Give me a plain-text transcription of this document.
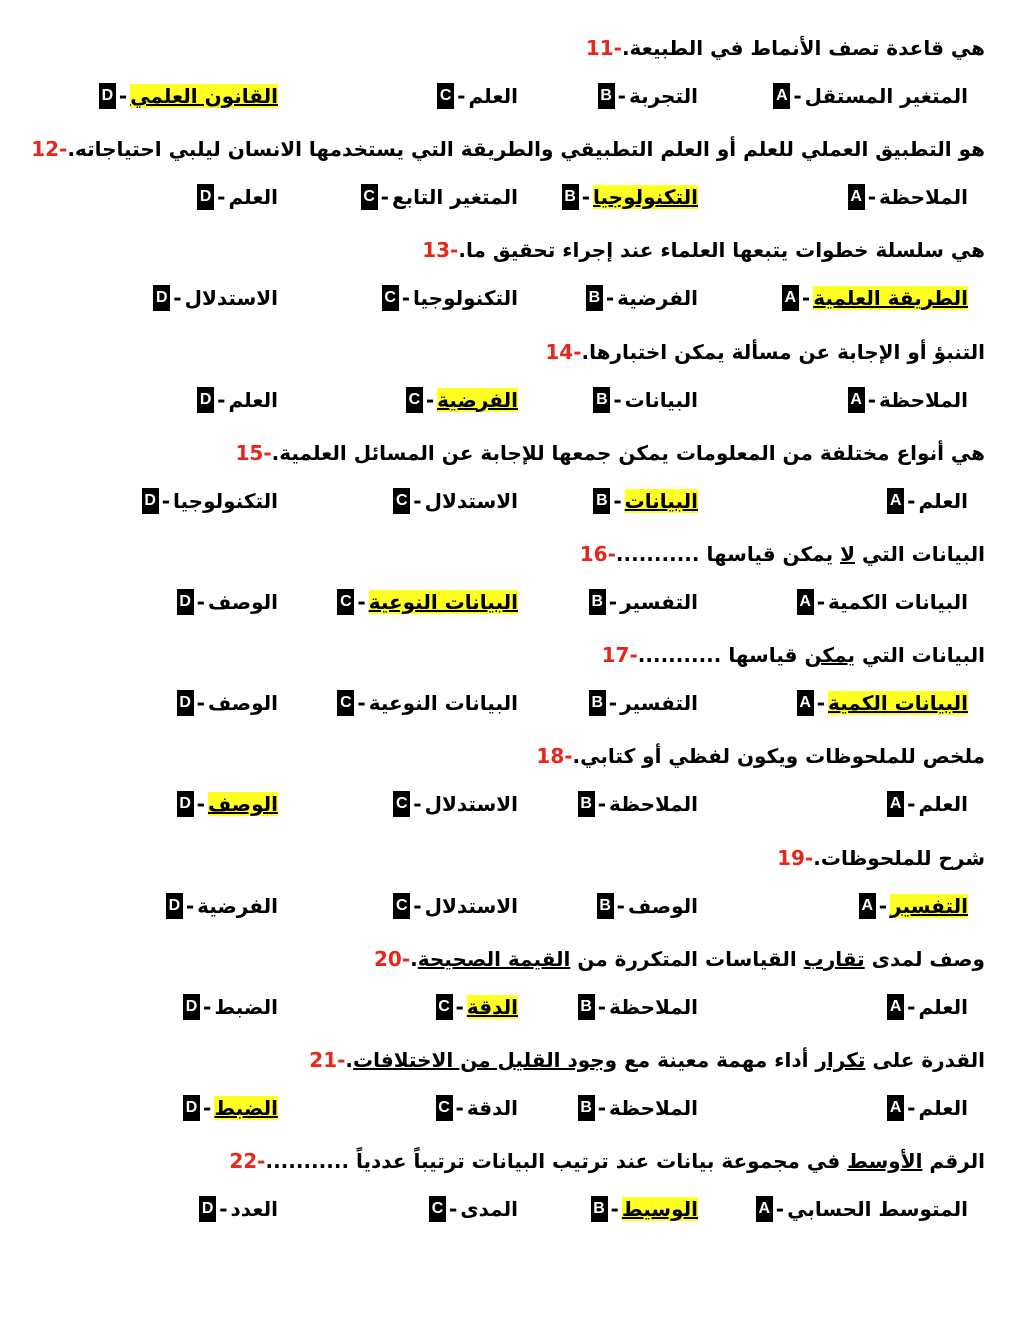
11- هي قاعدة تصف الأنماط في الطبيعة.
A - المتغير المستقل
B - التجربة
C - العلم
D - القانون العلمي
12- هو التطبيق العملي للعلم أو العلم التطبيقي والطريقة التي يستخدمها الانسان ليلبي احتياجاته.
A - الملاحظة
B - التكنولوجيا
C - المتغير التابع
D - العلم
13- هي سلسلة خطوات يتبعها العلماء عند إجراء تحقيق ما.
A - الطريقة العلمية
B - الفرضية
C - التكنولوجيا
D - الاستدلال
14- التنبؤ أو الإجابة عن مسألة يمكن اختبارها.
A - الملاحظة
B - البيانات
C - الفرضية
D - العلم
15- هي أنواع مختلفة من المعلومات يمكن جمعها للإجابة عن المسائل العلمية.
A - العلم
B - البيانات
C - الاستدلال
D - التكنولوجيا
16-	البيانات التي لا يمكن قياسها ...........
A - البيانات الكمية
B - التفسير
C - البيانات النوعية
D - الوصف
17-	البيانات التي يمكن قياسها ...........
A - البيانات الكمية
B - التفسير
C - البيانات النوعية
D - الوصف
18- ملخص للملحوظات ويكون لفظي أو كتابي.
A - العلم
B - الملاحظة
C - الاستدلال
D - الوصف
19- شرح للملحوظات.
A - التفسير
B - الوصف
C - الاستدلال
D - الفرضية
20-	وصف لمدى تقارب القياسات المتكررة من القيمة الصحيحة.
A - العلم
B - الملاحظة
C - الدقة
D - الضبط
21-	القدرة على تكرار أداء مهمة معينة مع وجود القليل من الاختلافات.
A - العلم
B - الملاحظة
C - الدقة
D - الضبط
22-	الرقم الأوسط في مجموعة بيانات عند ترتيب البيانات ترتيباً عددياً ...........
A - المتوسط الحسابي
B - الوسيط
C - المدى
D - العدد
